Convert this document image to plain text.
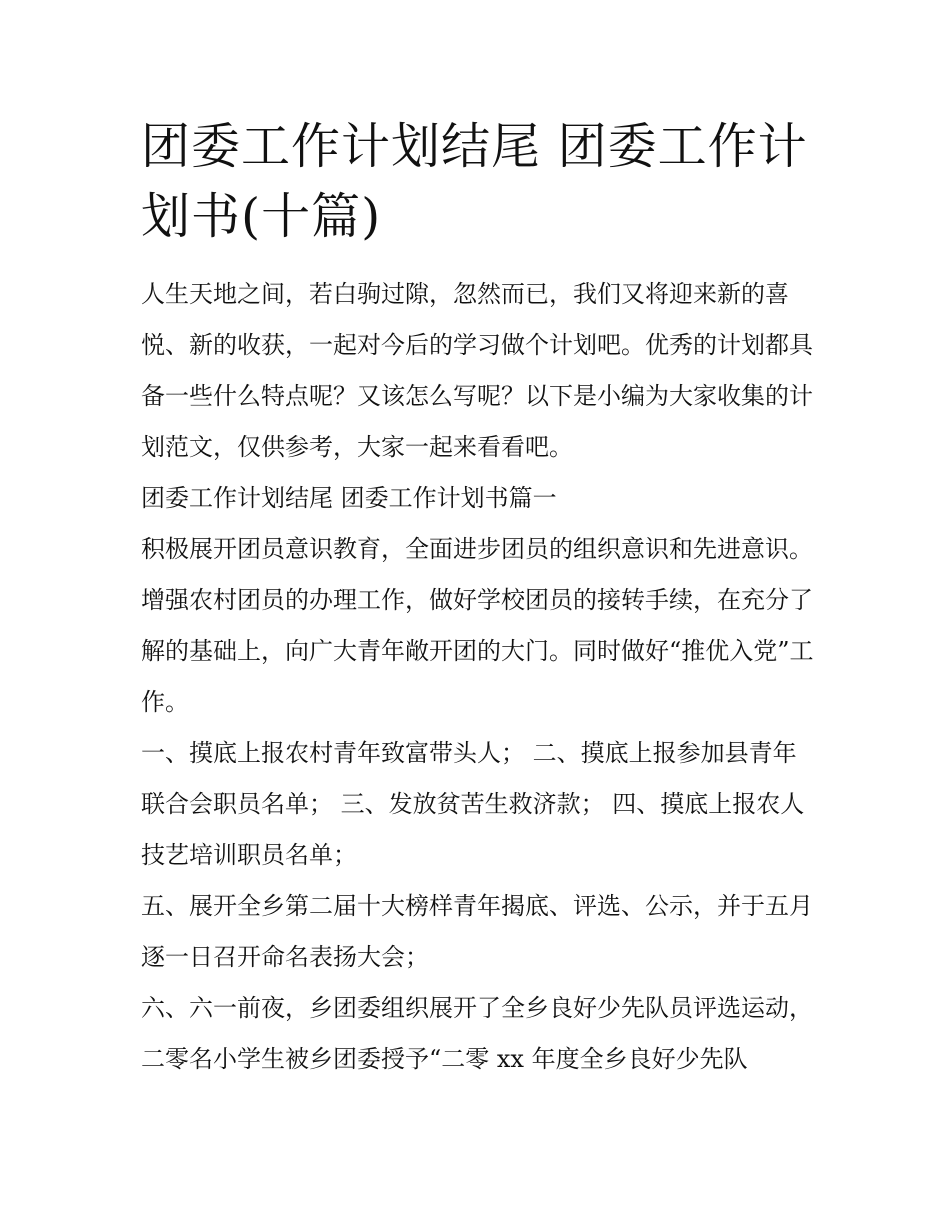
团委工作计划结尾 团委工作计划书(十篇)

人生天地之间，若白驹过隙，忽然而已，我们又将迎来新的喜悦、新的收获，一起对今后的学习做个计划吧。优秀的计划都具备一些什么特点呢？又该怎么写呢？以下是小编为大家收集的计划范文，仅供参考，大家一起来看看吧。

团委工作计划结尾 团委工作计划书篇一

积极展开团员意识教育，全面进步团员的组织意识和先进意识。增强农村团员的办理工作，做好学校团员的接转手续，在充分了解的基础上，向广大青年敞开团的大门。同时做好“推优入党”工作。

一、摸底上报农村青年致富带头人； 二、摸底上报参加县青年联合会职员名单； 三、发放贫苦生救济款； 四、摸底上报农人技艺培训职员名单；

五、展开全乡第二届十大榜样青年揭底、评选、公示，并于五月逐一日召开命名表扬大会；

六、六一前夜，乡团委组织展开了全乡良好少先队员评选运动，二零名小学生被乡团委授予“二零 xx 年度全乡良好少先队
